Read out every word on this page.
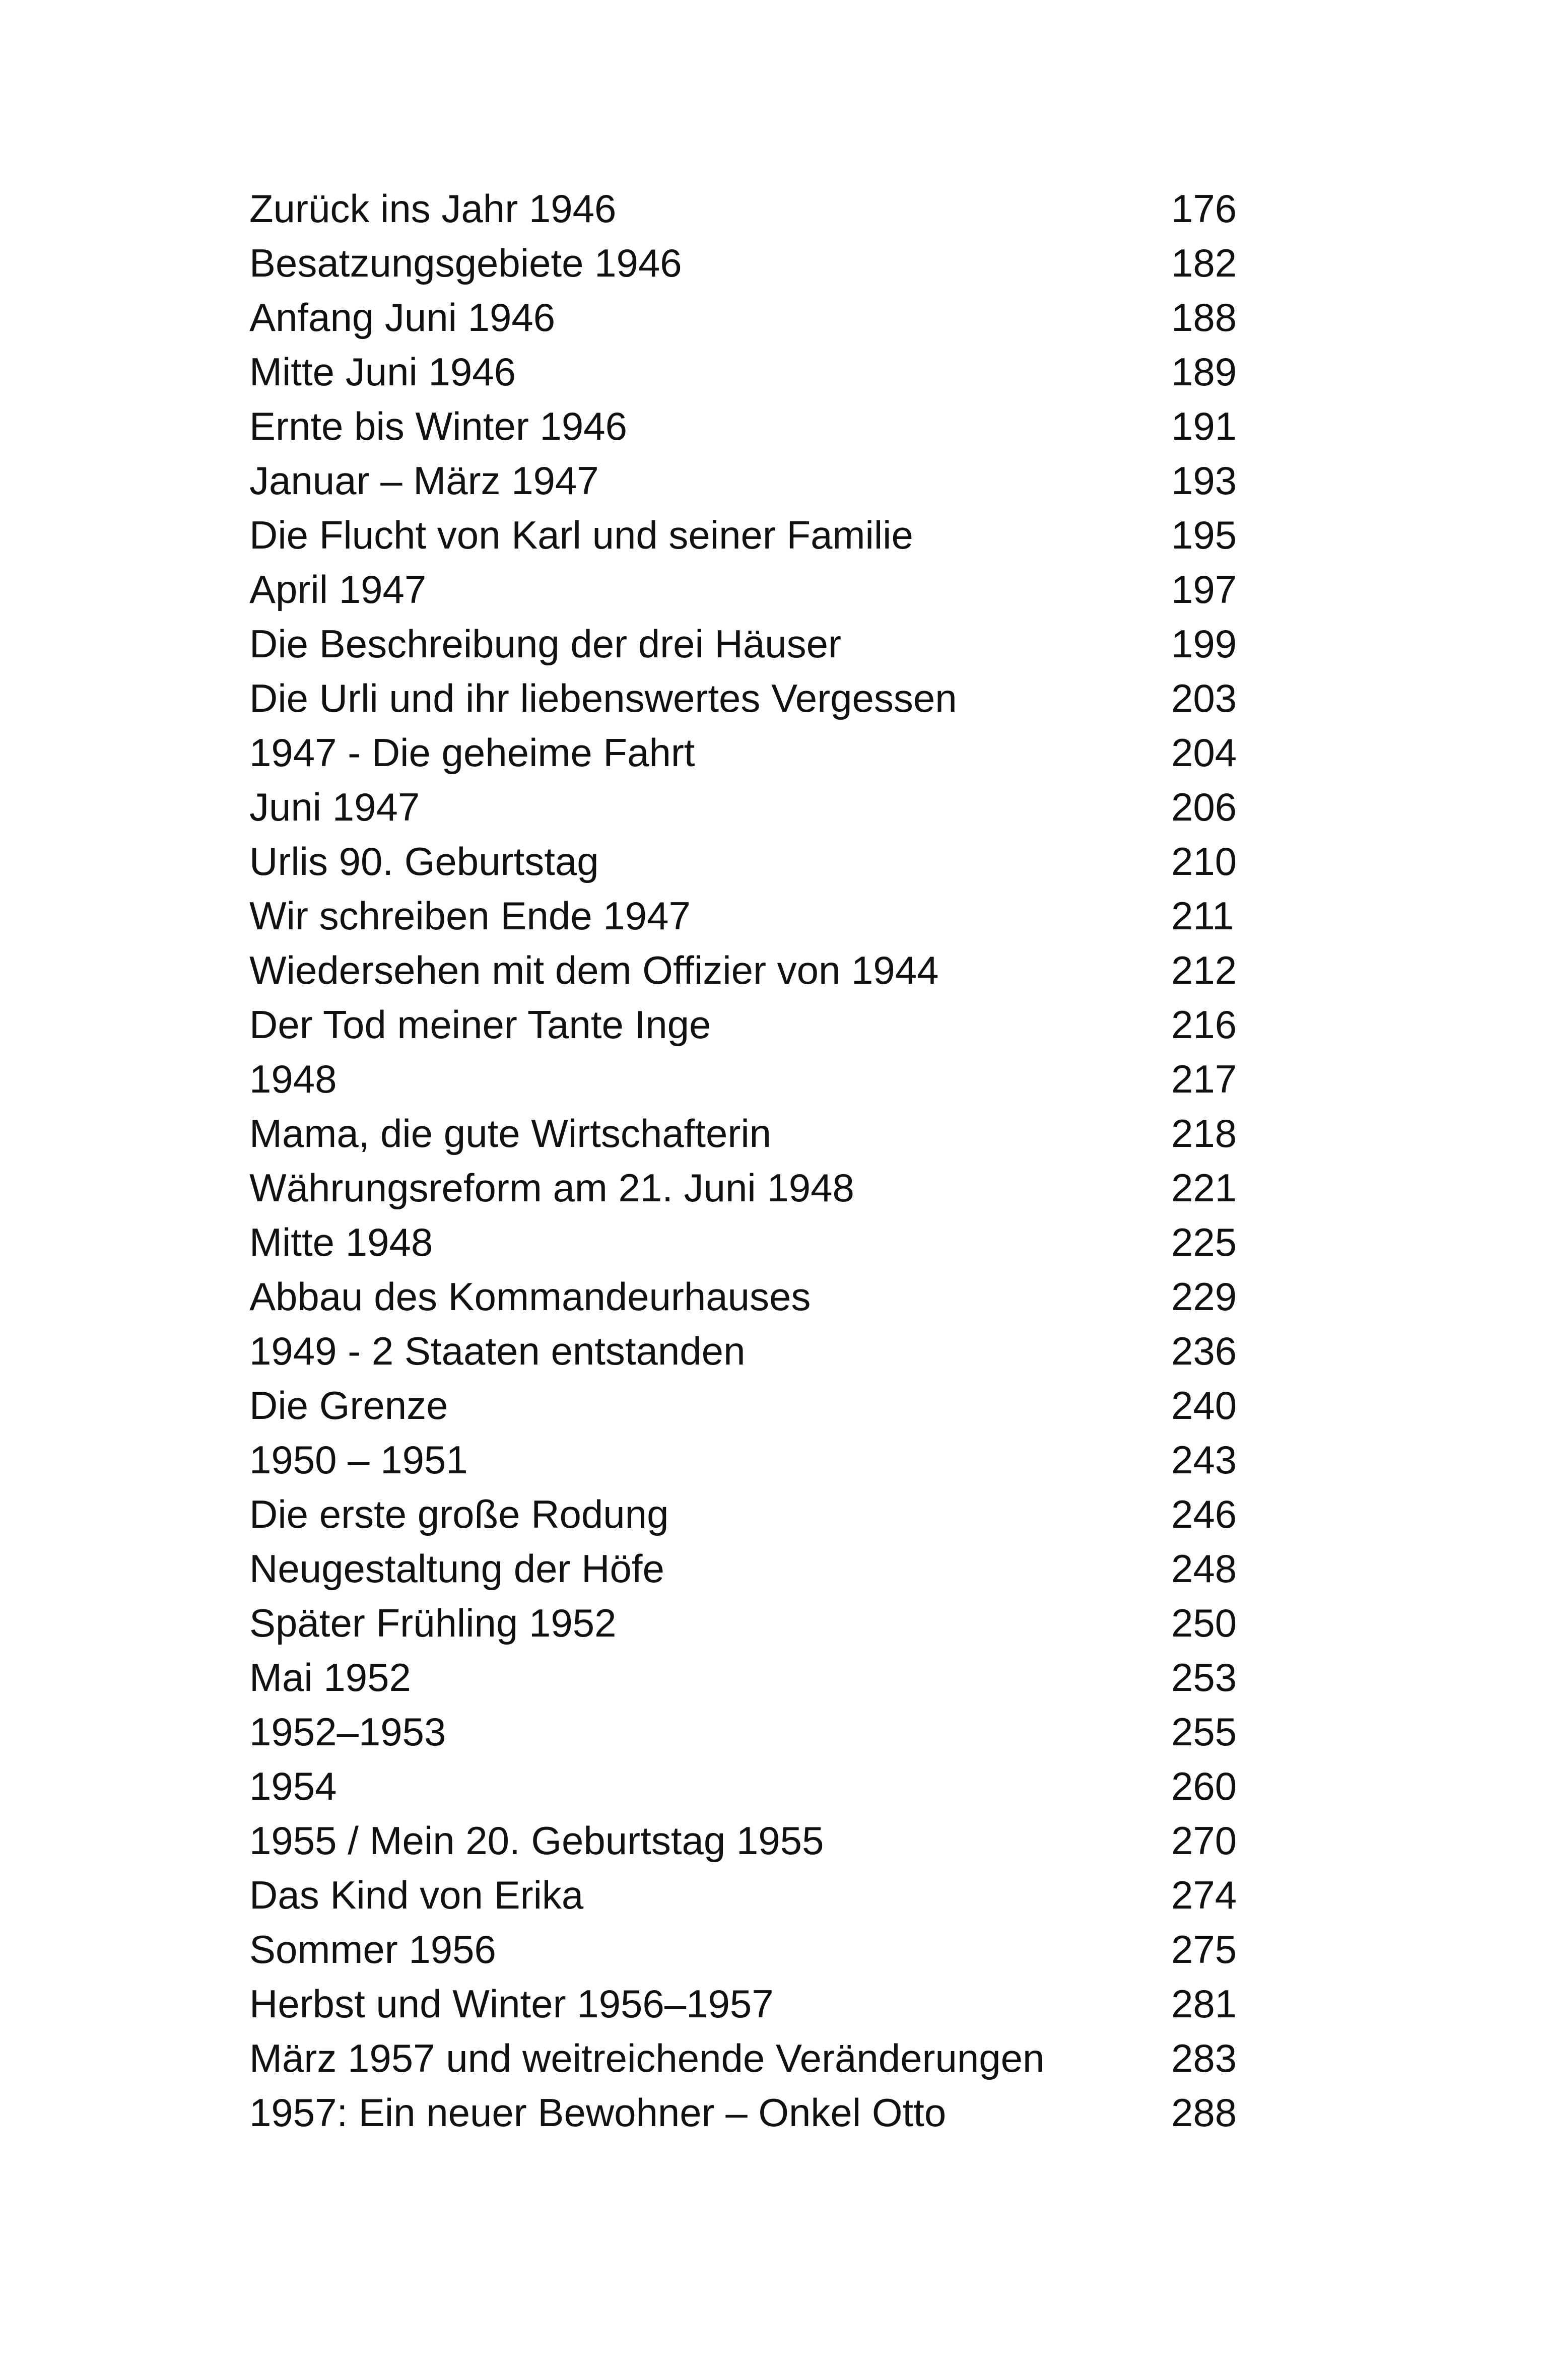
Zurück ins Jahr 1946	176
Besatzungsgebiete 1946	182
Anfang Juni 1946	188
Mitte Juni 1946	189
Ernte bis Winter 1946	191
Januar – März 1947	193
Die Flucht von Karl und seiner Familie	195
April 1947	197
Die Beschreibung der drei Häuser	199
Die Urli und ihr liebenswertes Vergessen	203
1947 - Die geheime Fahrt	204
Juni 1947	206
Urlis 90. Geburtstag	210
Wir schreiben Ende 1947	211
Wiedersehen mit dem Offizier von 1944	212
Der Tod meiner Tante Inge	216
1948	217
Mama, die gute Wirtschafterin	218
Währungsreform am 21. Juni 1948	221
Mitte 1948	225
Abbau des Kommandeurhauses	229
1949 - 2 Staaten entstanden	236
Die Grenze	240
1950 – 1951	243
Die erste große Rodung	246
Neugestaltung der Höfe	248
Später Frühling 1952	250
Mai 1952	253
1952–1953	255
1954	260
1955 / Mein 20. Geburtstag 1955	270
Das Kind von Erika	274
Sommer 1956	275
Herbst und Winter 1956–1957	281
März 1957 und weitreichende Veränderungen	283
1957: Ein neuer Bewohner – Onkel Otto	288
